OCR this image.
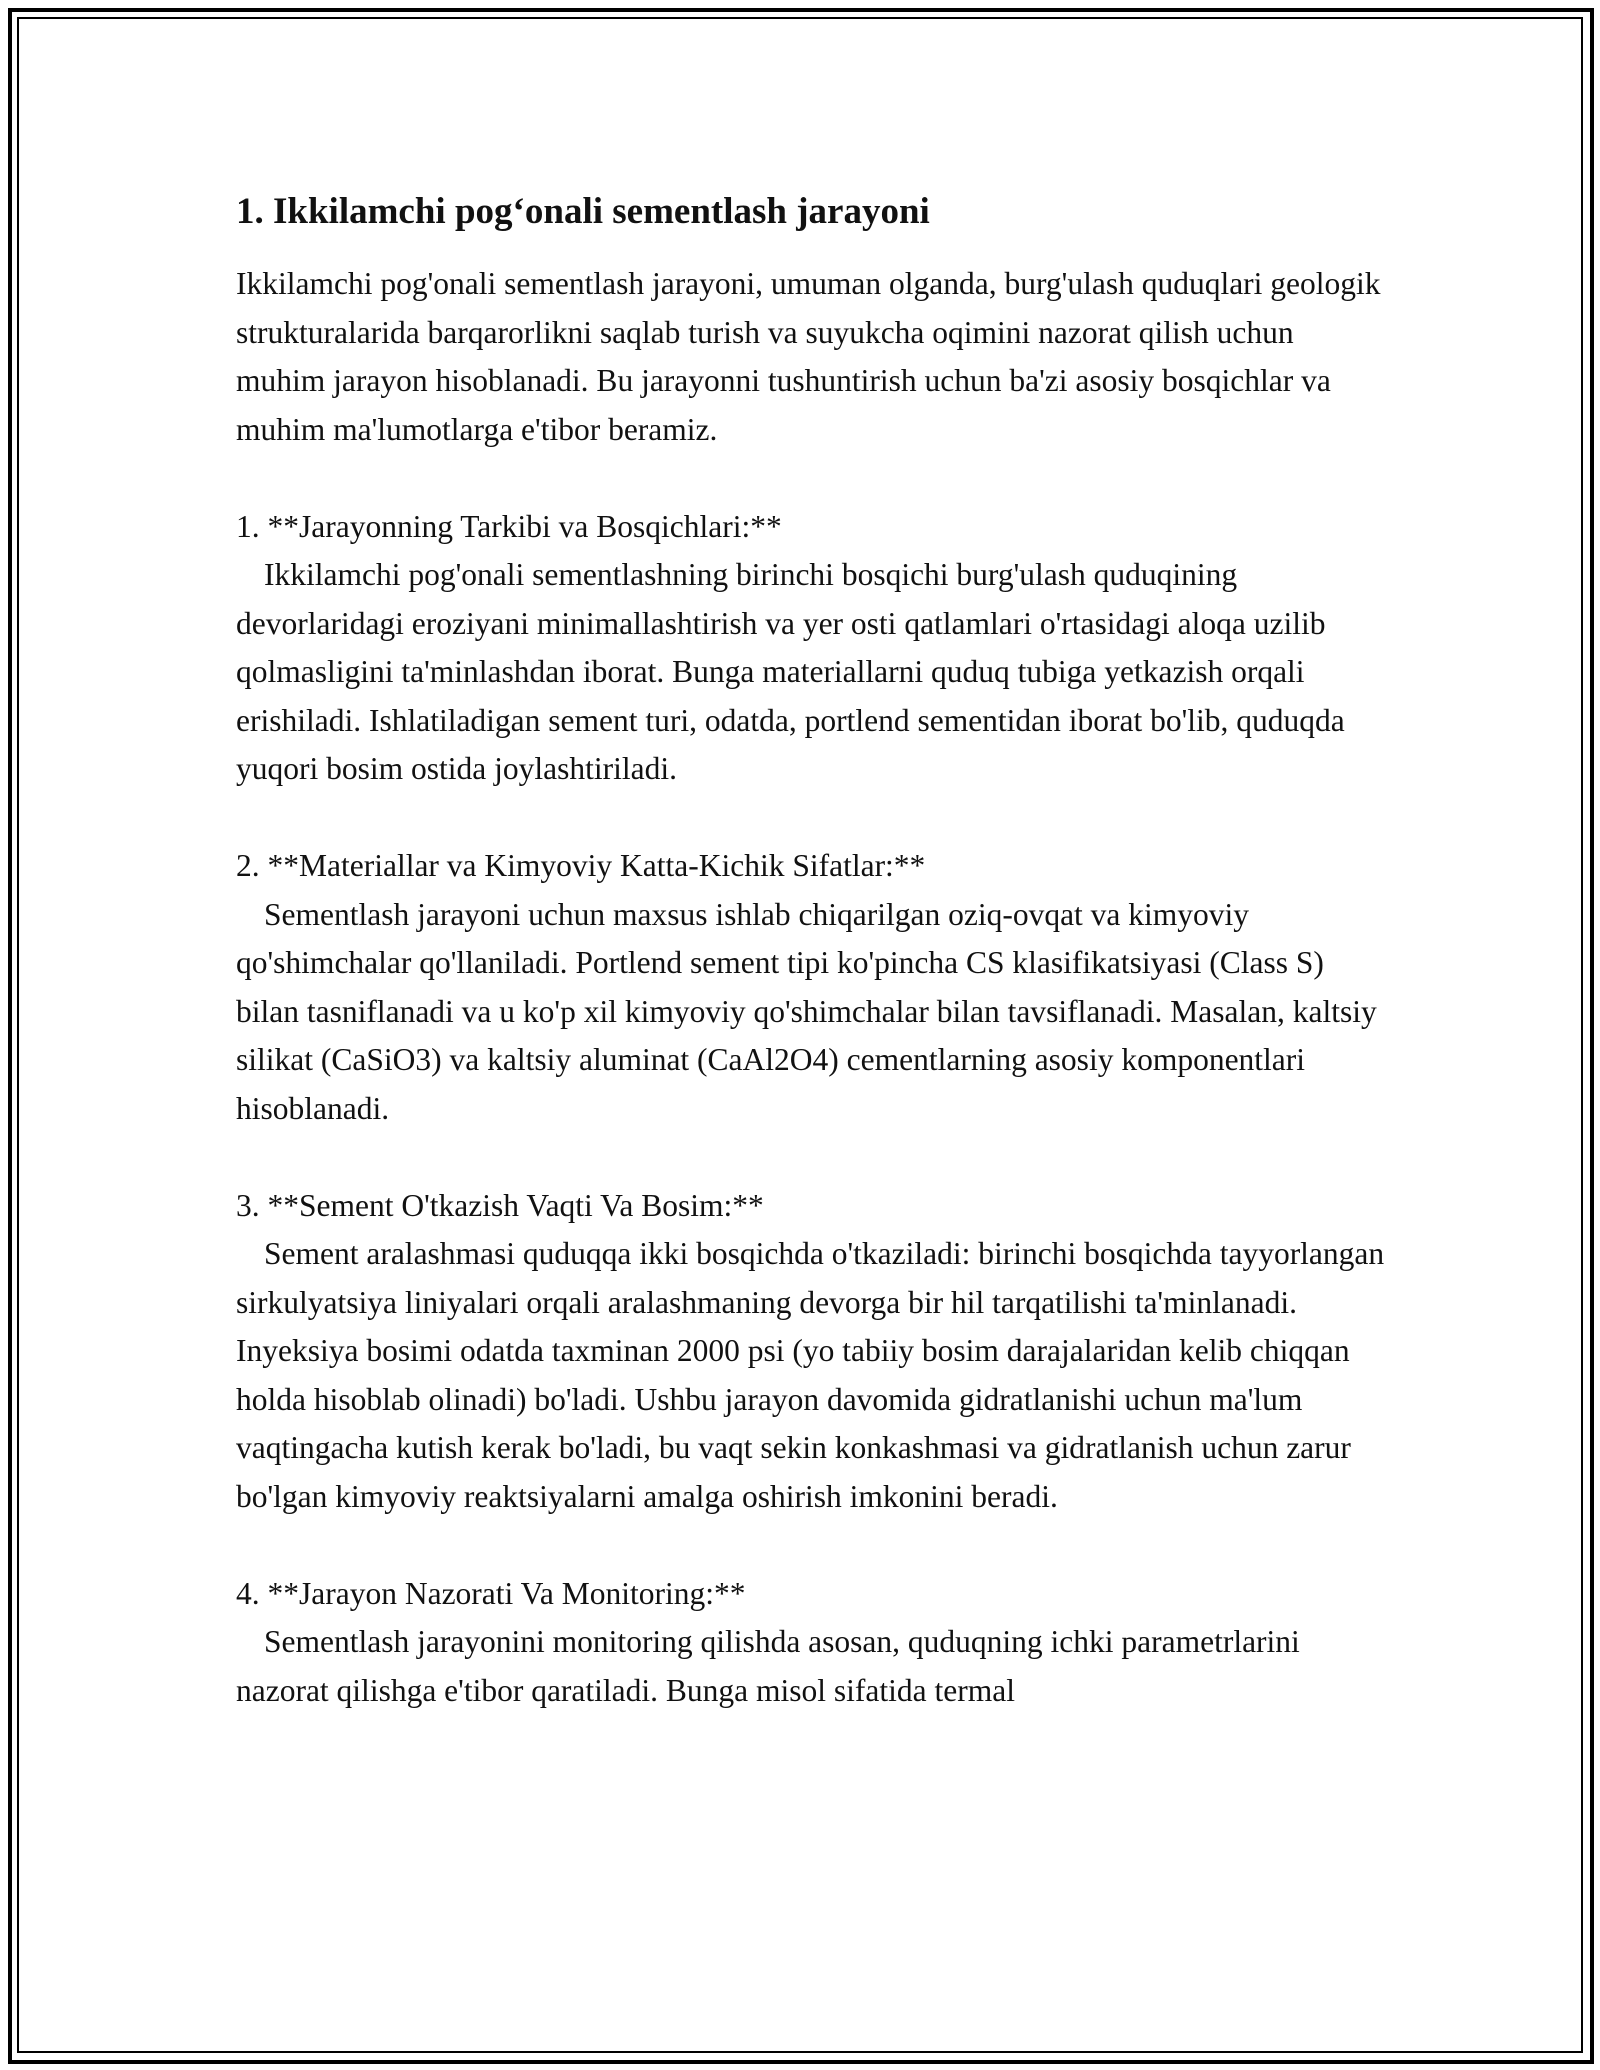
1. Ikkilamchi pog‘onali sementlash jarayoni

Ikkilamchi pog'onali sementlash jarayoni, umuman olganda, burg'ulash quduqlari geologik strukturalarida barqarorlikni saqlab turish va suyukcha oqimini nazorat qilish uchun muhim jarayon hisoblanadi. Bu jarayonni tushuntirish uchun ba'zi asosiy bosqichlar va muhim ma'lumotlarga e'tibor beramiz.

1. **Jarayonning Tarkibi va Bosqichlari:**

Ikkilamchi pog'onali sementlashning birinchi bosqichi burg'ulash quduqining devorlaridagi eroziyani minimallashtirish va yer osti qatlamlari o'rtasidagi aloqa uzilib qolmasligini ta'minlashdan iborat. Bunga materiallarni quduq tubiga yetkazish orqali erishiladi. Ishlatiladigan sement turi, odatda, portlend sementidan iborat bo'lib, quduqda yuqori bosim ostida joylashtiriladi.

2. **Materiallar va Kimyoviy Katta-Kichik Sifatlar:**

Sementlash jarayoni uchun maxsus ishlab chiqarilgan oziq-ovqat va kimyoviy qo'shimchalar qo'llaniladi. Portlend sement tipi ko'pincha CS klasifikatsiyasi (Class S) bilan tasniflanadi va u ko'p xil kimyoviy qo'shimchalar bilan tavsiflanadi. Masalan, kaltsiy silikat (CaSiO3) va kaltsiy aluminat (CaAl2O4) cementlarning asosiy komponentlari hisoblanadi.

3. **Sement O'tkazish Vaqti Va Bosim:**

Sement aralashmasi quduqqa ikki bosqichda o'tkaziladi: birinchi bosqichda tayyorlangan sirkulyatsiya liniyalari orqali aralashmaning devorga bir hil tarqatilishi ta'minlanadi. Inyeksiya bosimi odatda taxminan 2000 psi (yo tabiiy bosim darajalaridan kelib chiqqan holda hisoblab olinadi) bo'ladi. Ushbu jarayon davomida gidratlanishi uchun ma'lum vaqtingacha kutish kerak bo'ladi, bu vaqt sekin konkashmasi va gidratlanish uchun zarur bo'lgan kimyoviy reaktsiyalarni amalga oshirish imkonini beradi.

4. **Jarayon Nazorati Va Monitoring:**

Sementlash jarayonini monitoring qilishda asosan, quduqning ichki parametrlarini nazorat qilishga e'tibor qaratiladi. Bunga misol sifatida termal
